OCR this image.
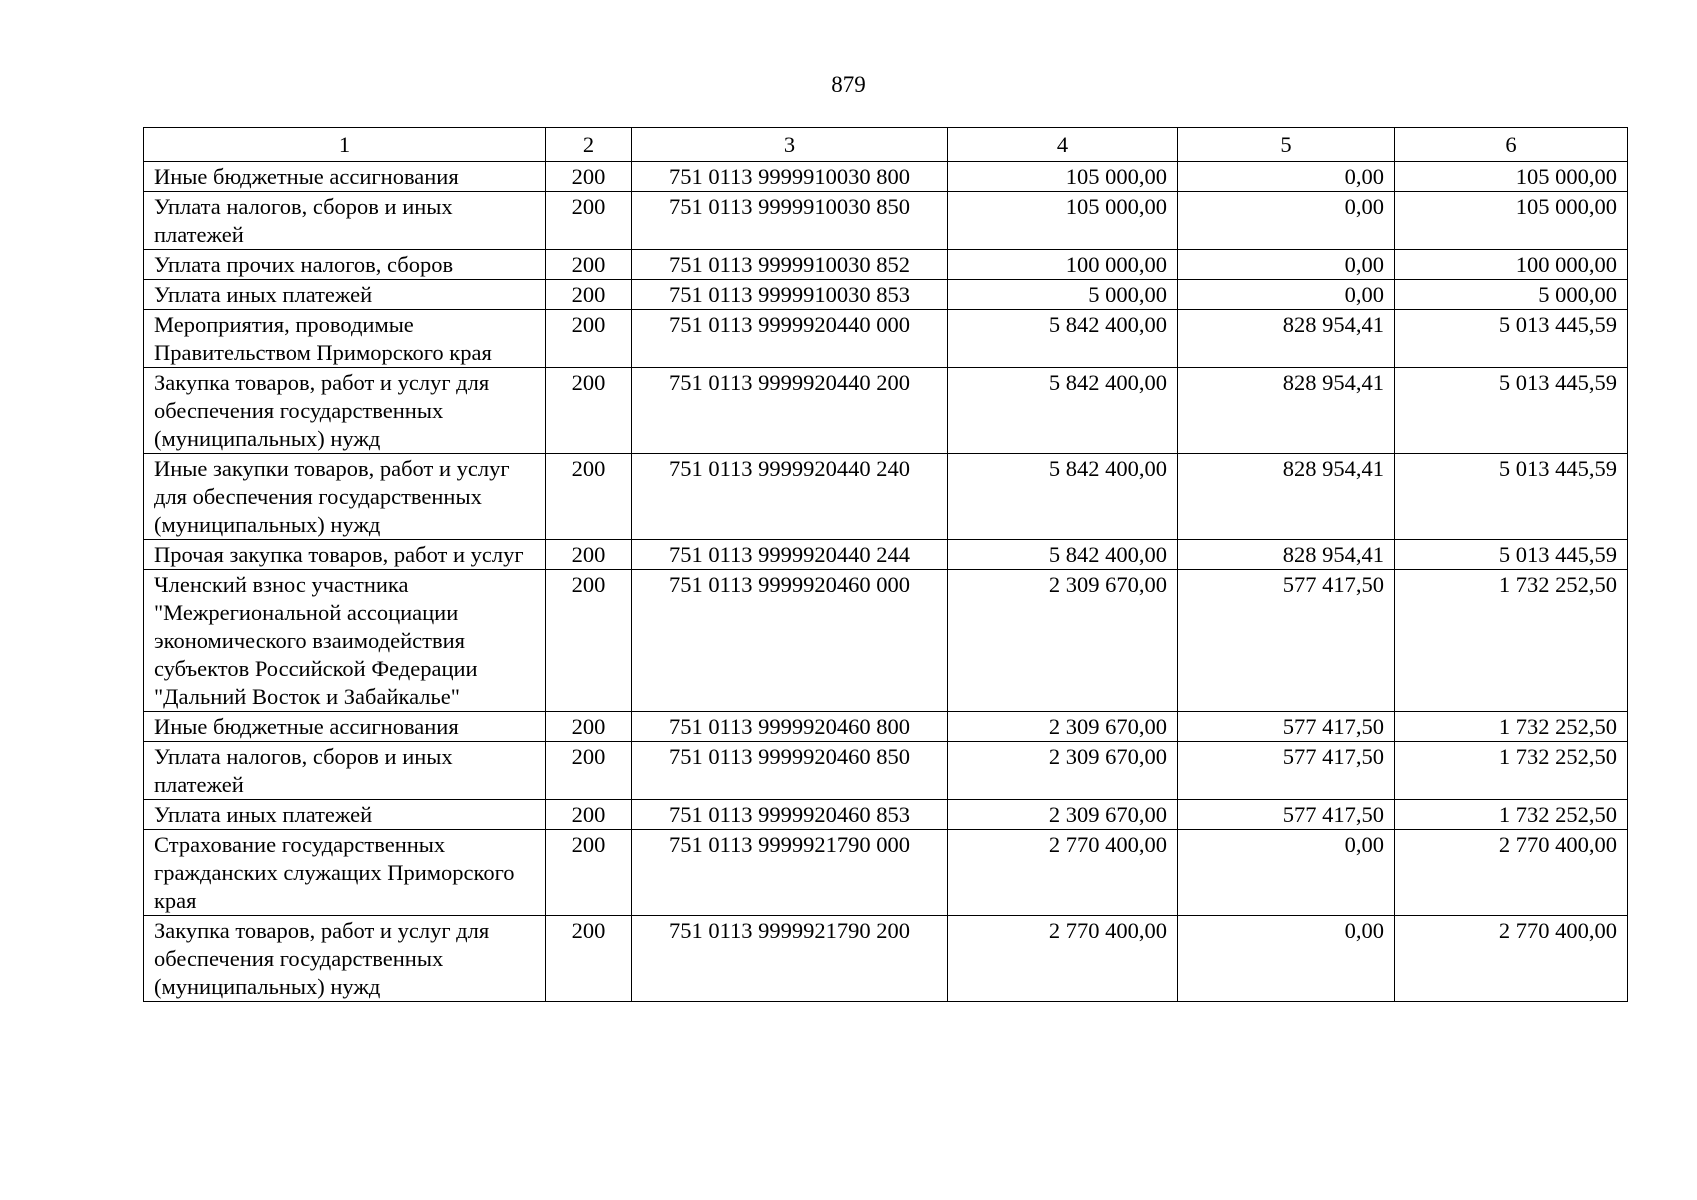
879
1	2	3	4	5	6
Иные бюджетные ассигнования	200	751 0113 9999910030 800	105 000,00	0,00	105 000,00
Уплата налогов, сборов и иных платежей	200	751 0113 9999910030 850	105 000,00	0,00	105 000,00
Уплата прочих налогов, сборов	200	751 0113 9999910030 852	100 000,00	0,00	100 000,00
Уплата иных платежей	200	751 0113 9999910030 853	5 000,00	0,00	5 000,00
Мероприятия, проводимые Правительством Приморского края	200	751 0113 9999920440 000	5 842 400,00	828 954,41	5 013 445,59
Закупка товаров, работ и услуг для обеспечения государственных (муниципальных) нужд	200	751 0113 9999920440 200	5 842 400,00	828 954,41	5 013 445,59
Иные закупки товаров, работ и услуг для обеспечения государственных (муниципальных) нужд	200	751 0113 9999920440 240	5 842 400,00	828 954,41	5 013 445,59
Прочая закупка товаров, работ и услуг	200	751 0113 9999920440 244	5 842 400,00	828 954,41	5 013 445,59
Членский взнос участника "Межрегиональной ассоциации экономического взаимодействия субъектов Российской Федерации "Дальний Восток и Забайкалье"	200	751 0113 9999920460 000	2 309 670,00	577 417,50	1 732 252,50
Иные бюджетные ассигнования	200	751 0113 9999920460 800	2 309 670,00	577 417,50	1 732 252,50
Уплата налогов, сборов и иных платежей	200	751 0113 9999920460 850	2 309 670,00	577 417,50	1 732 252,50
Уплата иных платежей	200	751 0113 9999920460 853	2 309 670,00	577 417,50	1 732 252,50
Страхование государственных гражданских служащих Приморского края	200	751 0113 9999921790 000	2 770 400,00	0,00	2 770 400,00
Закупка товаров, работ и услуг для обеспечения государственных (муниципальных) нужд	200	751 0113 9999921790 200	2 770 400,00	0,00	2 770 400,00
